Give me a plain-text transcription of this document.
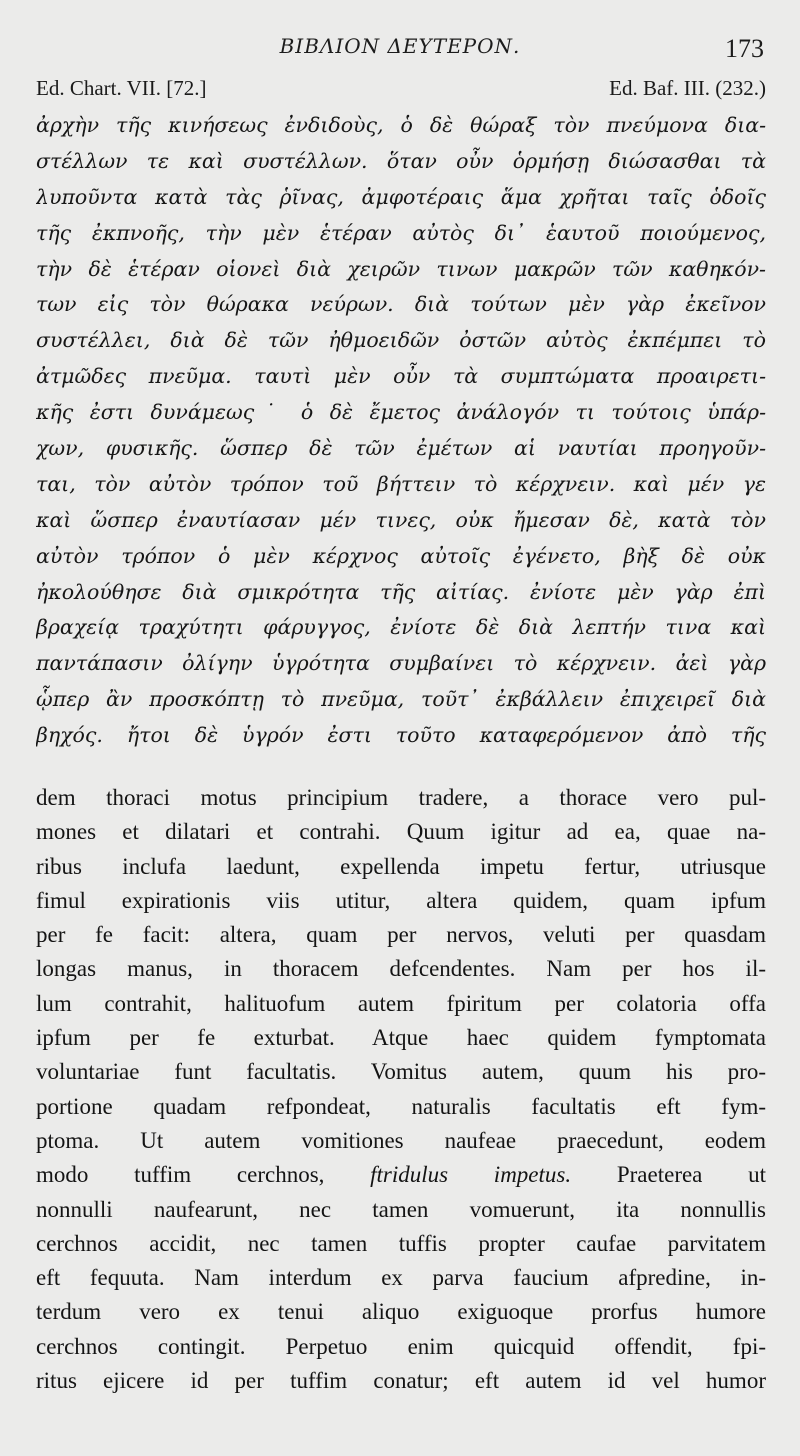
ΒΙΒΛΙΟΝ ΔΕΥΤΕΡΟΝ.	173
Ed. Chart. VII. [72.]	Ed. Baf. III. (232.)
ἀρχὴν τῆς κινήσεως ἐνδιδοὺς, ὁ δὲ θώραξ τὸν πνεύμονα δια-
στέλλων τε καὶ συστέλλων. ὅταν οὖν ὁρμήσῃ διώσασθαι τὰ
λυποῦντα κατὰ τὰς ῥῖνας, ἀμφοτέραις ἅμα χρῆται ταῖς ὁδοῖς
τῆς ἐκπνοῆς, τὴν μὲν ἑτέραν αὐτὸς δι᾽ ἑαυτοῦ ποιούμενος,
τὴν δὲ ἑτέραν οἱονεὶ διὰ χειρῶν τινων μακρῶν τῶν καθηκόν-
των εἰς τὸν θώρακα νεύρων. διὰ τούτων μὲν γὰρ ἐκεῖνον
συστέλλει, διὰ δὲ τῶν ἠθμοειδῶν ὀστῶν αὐτὸς ἐκπέμπει τὸ
ἀτμῶδες πνεῦμα. ταυτὶ μὲν οὖν τὰ συμπτώματα προαιρετι-
κῆς ἐστι δυνάμεως˙ ὁ δὲ ἔμετος ἀνάλογόν τι τούτοις ὑπάρ-
χων, φυσικῆς. ὥσπερ δὲ τῶν ἐμέτων αἱ ναυτίαι προηγοῦν-
ται, τὸν αὐτὸν τρόπον τοῦ βήττειν τὸ κέρχνειν. καὶ μέν γε
καὶ ὥσπερ ἐναυτίασαν μέν τινες, οὐκ ἤμεσαν δὲ, κατὰ τὸν
αὐτὸν τρόπον ὁ μὲν κέρχνος αὐτοῖς ἐγένετο, βὴξ δὲ οὐκ
ἠκολούθησε διὰ σμικρότητα τῆς αἰτίας. ἐνίοτε μὲν γὰρ ἐπὶ
βραχείᾳ τραχύτητι φάρυγγος, ἐνίοτε δὲ διὰ λεπτήν τινα καὶ
παντάπασιν ὀλίγην ὑγρότητα συμβαίνει τὸ κέρχνειν. ἀεὶ γὰρ
ᾧπερ ἂν προσκόπτῃ τὸ πνεῦμα, τοῦτ᾽ ἐκβάλλειν ἐπιχειρεῖ διὰ
βηχός. ἤτοι δὲ ὑγρόν ἐστι τοῦτο καταφερόμενον ἀπὸ τῆς
dem thoraci motus principium tradere, a thorace vero pul-
mones et dilatari et contrahi. Quum igitur ad ea, quae na-
ribus inclufa laedunt, expellenda impetu fertur, utriusque
fimul expirationis viis utitur, altera quidem, quam ipfum
per fe facit: altera, quam per nervos, veluti per quasdam
longas manus, in thoracem defcendentes. Nam per hos il-
lum contrahit, halituofum autem fpiritum per colatoria offa
ipfum per fe exturbat. Atque haec quidem fymptomata
voluntariae funt facultatis. Vomitus autem, quum his pro-
portione quadam refpondeat, naturalis facultatis eft fym-
ptoma. Ut autem vomitiones naufeae praecedunt, eodem
modo tuffim cerchnos, ftridulus impetus. Praeterea ut
nonnulli naufearunt, nec tamen vomuerunt, ita nonnullis
cerchnos accidit, nec tamen tuffis propter caufae parvitatem
eft fequuta. Nam interdum ex parva faucium afpredine, in-
terdum vero ex tenui aliquo exiguoque prorfus humore
cerchnos contingit. Perpetuo enim quicquid offendit, fpi-
ritus ejicere id per tuffim conatur; eft autem id vel humor
